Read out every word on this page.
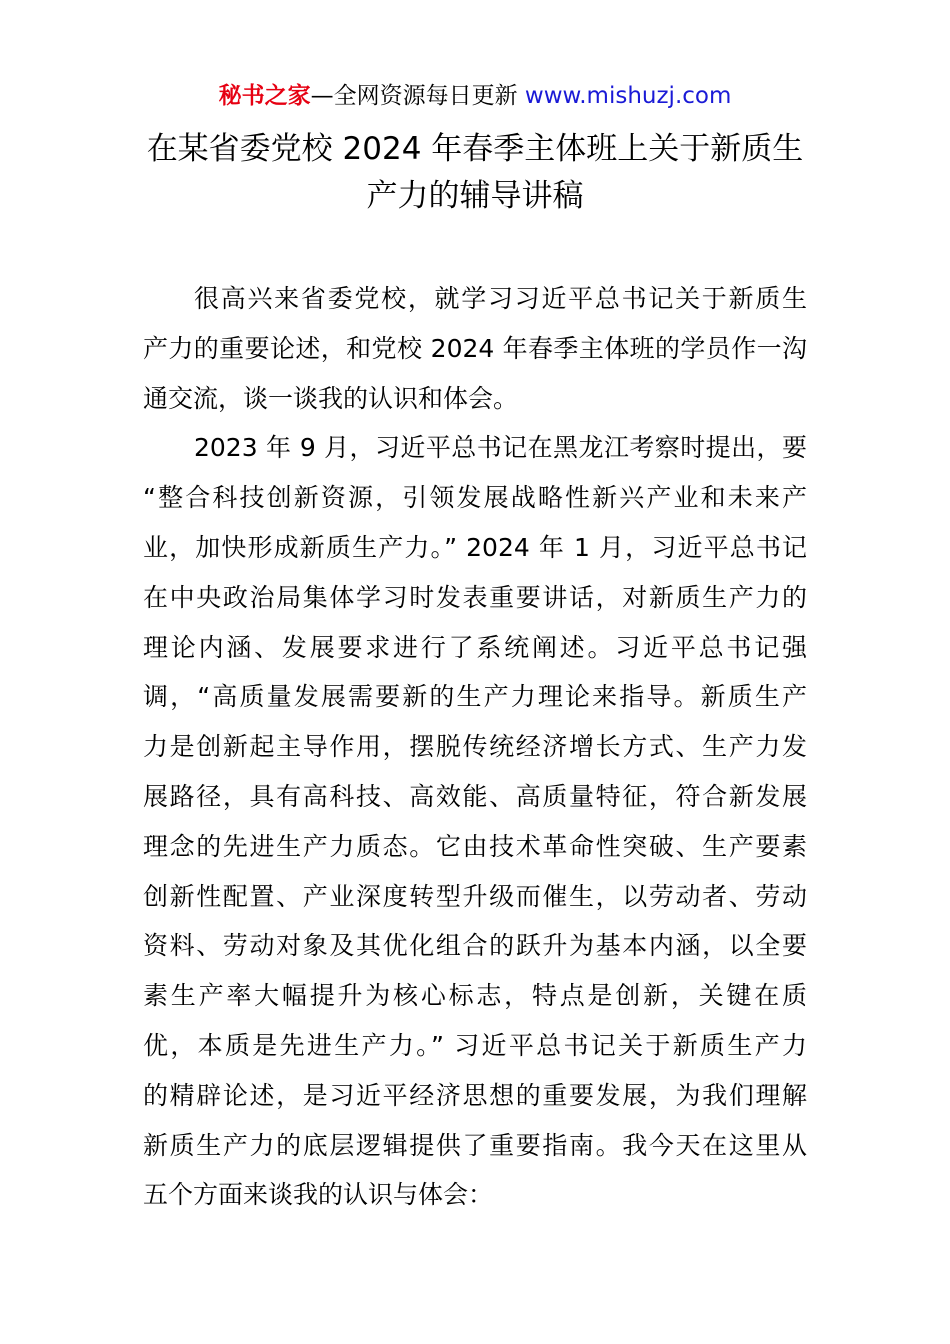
秘书之家—全网资源每日更新 www.mishuzj.com
在某省委党校 2024 年春季主体班上关于新质生
产力的辅导讲稿
很高兴来省委党校，就学习习近平总书记关于新质生
产力的重要论述，和党校 2024 年春季主体班的学员作一沟
通交流，谈一谈我的认识和体会。
2023 年 9 月，习近平总书记在黑龙江考察时提出，要
“整合科技创新资源，引领发展战略性新兴产业和未来产
业，加快形成新质生产力。” 2024 年 1 月，习近平总书记
在中央政治局集体学习时发表重要讲话，对新质生产力的
理论内涵、发展要求进行了系统阐述。习近平总书记强
调，“高质量发展需要新的生产力理论来指导。新质生产
力是创新起主导作用，摆脱传统经济增长方式、生产力发
展路径，具有高科技、高效能、高质量特征，符合新发展
理念的先进生产力质态。它由技术革命性突破、生产要素
创新性配置、产业深度转型升级而催生，以劳动者、劳动
资料、劳动对象及其优化组合的跃升为基本内涵，以全要
素生产率大幅提升为核心标志，特点是创新，关键在质
优，本质是先进生产力。” 习近平总书记关于新质生产力
的精辟论述，是习近平经济思想的重要发展，为我们理解
新质生产力的底层逻辑提供了重要指南。我今天在这里从
五个方面来谈我的认识与体会：
